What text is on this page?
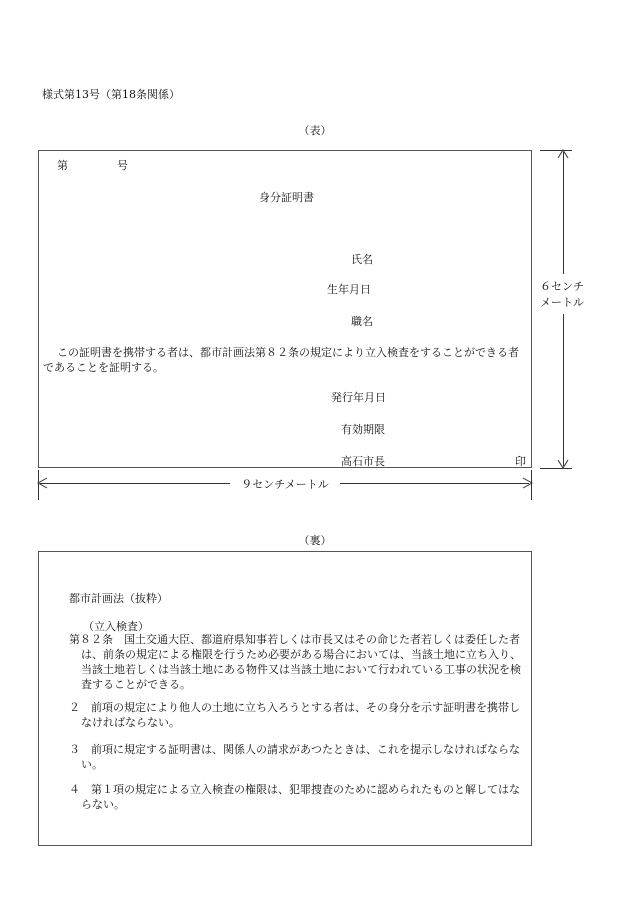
様式第13号（第18条関係）
（表）
第	号
身分証明書
氏名
生年月日
職名
この証明書を携帯する者は、都市計画法第８２条の規定により立入検査をすることができる者であることを証明する。
発行年月日
有効期限
高石市長	印
６センチ
メートル
９センチメートル
（裏）
都市計画法（抜粋）
（立入検査）
第８２条　国土交通大臣、都道府県知事若しくは市長又はその命じた者若しくは委任した者は、前条の規定による権限を行うため必要がある場合においては、当該土地に立ち入り、当該土地若しくは当該土地にある物件又は当該土地において行われている工事の状況を検査することができる。
２　前項の規定により他人の土地に立ち入ろうとする者は、その身分を示す証明書を携帯しなければならない。
３　前項に規定する証明書は、関係人の請求があつたときは、これを提示しなければならない。
４　第１項の規定による立入検査の権限は、犯罪捜査のために認められたものと解してはならない。
